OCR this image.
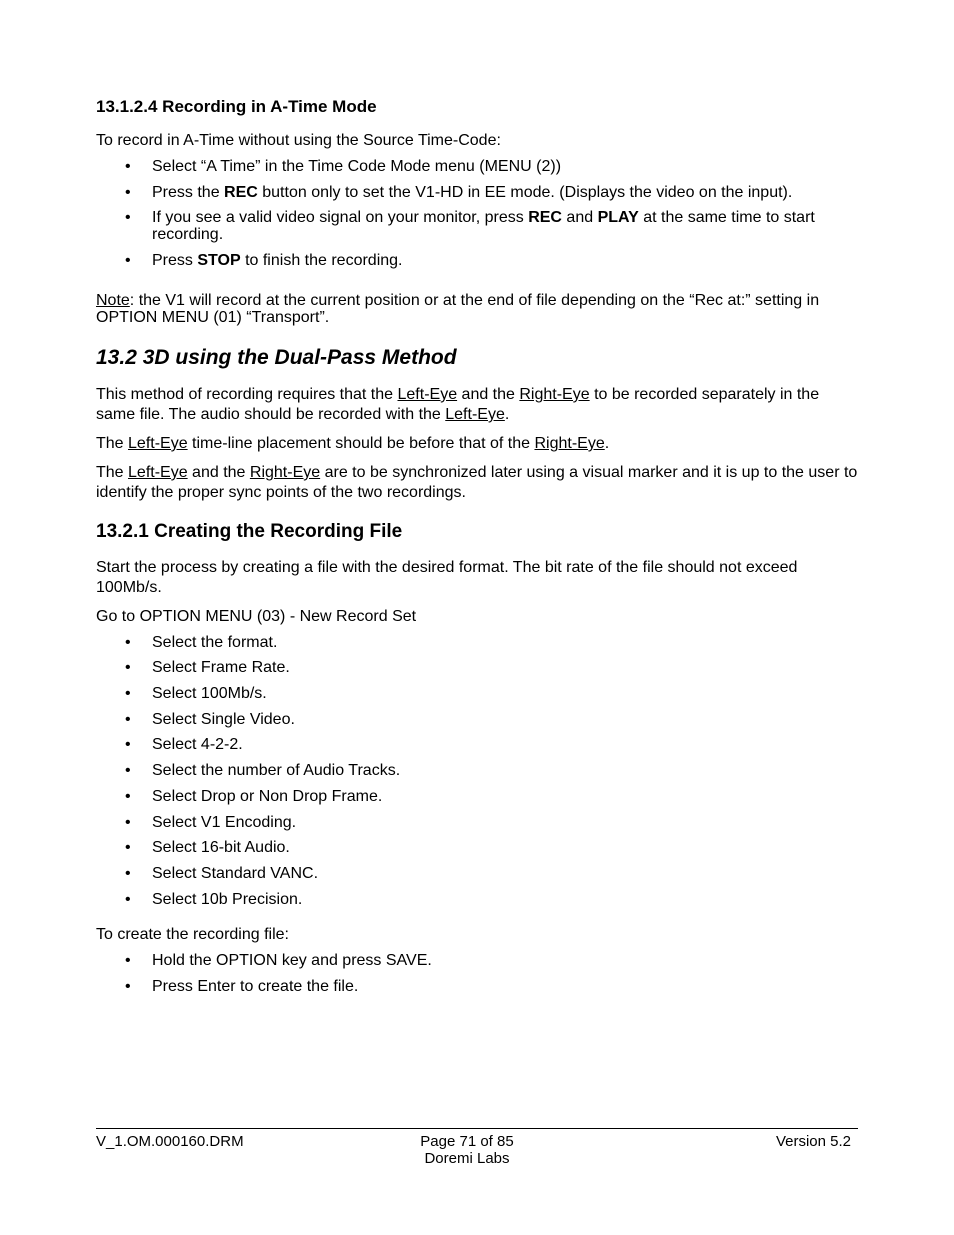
13.1.2.4 Recording in A-Time Mode
To record in A-Time without using the Source Time-Code:
• Select “A Time” in the Time Code Mode menu (MENU (2))
• Press the REC button only to set the V1-HD in EE mode. (Displays the video on the input).
• If you see a valid video signal on your monitor, press REC and PLAY at the same time to start recording.
• Press STOP to finish the recording.
Note: the V1 will record at the current position or at the end of file depending on the “Rec at:” setting in OPTION MENU (01) “Transport”.
13.2 3D using the Dual-Pass Method
This method of recording requires that the Left-Eye and the Right-Eye to be recorded separately in the same file. The audio should be recorded with the Left-Eye.
The Left-Eye time-line placement should be before that of the Right-Eye.
The Left-Eye and the Right-Eye are to be synchronized later using a visual marker and it is up to the user to identify the proper sync points of the two recordings.
13.2.1 Creating the Recording File
Start the process by creating a file with the desired format. The bit rate of the file should not exceed 100Mb/s.
Go to OPTION MENU (03) - New Record Set
• Select the format.
• Select Frame Rate.
• Select 100Mb/s.
• Select Single Video.
• Select 4-2-2.
• Select the number of Audio Tracks.
• Select Drop or Non Drop Frame.
• Select V1 Encoding.
• Select 16-bit Audio.
• Select Standard VANC.
• Select 10b Precision.
To create the recording file:
• Hold the OPTION key and press SAVE.
• Press Enter to create the file.
V_1.OM.000160.DRM	Page 71 of 85
Doremi Labs
Version 5.2
